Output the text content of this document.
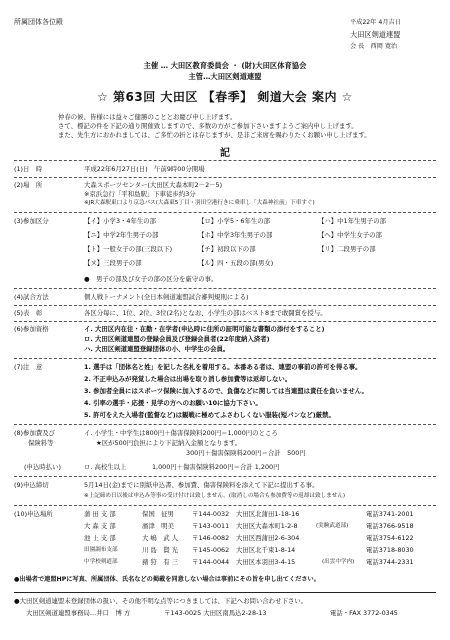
所属団体各位殿	平成22年 4月吉日
大田区剣道連盟
会 長　西岡 寛治
主催 … 大田区教育委員会 ・ (財)大田区体育協会
主管…大田区剣道連盟
☆ 第63回 大田区 【春季】 剣道大会 案内 ☆
仲春の候、皆様には益々ご健勝のこととお慶び申し上げます。
さて、標記の件を下記の通り開催致しますので、多数の方がご参加下さいますようご案内申し上げます。
また、先生方におかれましては、ご多忙の折とは存じますが、是非ご来席を賜わりたくお願い申し上げます。
記
(1)日　時	平成22年6月27日(日)　午前9時00分開場
(2)場　所	大森スポーツセンター(大田区大森本町2－2－5)
※京浜急行「平和島駅」下車徒歩約3分
※JR大森駅東口より京急バス(大森東5丁目・羽田空港行きに乗車し「大森神社前」下車すぐ)
(3)参加区分	【イ】小学3・4年生の部	【ロ】小学5・6年生の部	【ハ】中1年生男子の部
【ニ】中学2年生男子の部	【ホ】中学3年生男子の部	【へ】中学生女子の部
【ト】一般女子の部(三段以下)	【チ】初段以下の部	【リ】二段男子の部
【ヌ】三段男子の部	【ル】四・五段の部(男女)
●　男子の部及び女子の部の区分を厳守の事。
(4)試合方法	個人戦トーナメント(全日本剣道連盟試合審判規則による)
(5)表　彰	各区分毎に、1位、2位、3位(2名)となお、小学生の部はベスト8まで敢闘賞を授与。
(6)参加資格	イ. 大田区内在住・在勤・在学者(申込時に住所の証明可能な書類の添付をすること)
ロ. 大田区剣道連盟の登録会員及び登録会員者(22年度納入済者)
ハ. 大田区剣道連盟登録団体の小、中学生の会員。
(7)注　意	1. 選手は「団体名と姓」を記した名札を着用する。本番ある者は、連盟の事前の許可を得る事。
2. 不正申込みが発覚した場合は出場を取り消し参加費等は返却しない。
3. 参加者全員にはスポーツ保険に加入するので、負傷などに関しては当連盟は責任を負いません。
4. 引率の選手・応援・見学の方へのお願い10に協力下さい。
5. 許可をえた入場者(監督など)は観戦に極めてふさわしくない服装(短パンなど)厳禁。
(8)参加費及び
保険料等
イ. 小学生・中学生は800円＋傷害保険料200円＝1,000円のところ
★区が500円負担により下記納入金額となります。
300円＋傷害保険料200円＝合計　500円
(申込時払い)	ロ. 高校生以上　　　　1,000円＋傷害保険料200円＝合計 1,200円
(9)申込締切	5月14日(金)までに別紙申込書、参加費、傷害保険料を添えて下記に提出する事。
※上記締め日以後は申込み等事の受け付けは致しません。(取消しの場合も参加費等の返却は致しません)
(10)申込場所	蒲 田 支 部	保国　征男	〒144-0032 大田区北蒲田1-18-16	電話3741-2001
大 森 支 部	濱津　明美	〒143-0011 大田区大森本町1-2-8	(実験武道部)	電話3766-9518
池 上 支 部	大 嶋　武 人 〒146-0082 大田区西蒲田2-6-304	電話3754-6122
田園調布支部	川 島　賢 光 〒145-0062 大田区北千束1-8-14	電話3718-8030
中学校剣道部	豬 狩　有 三 〒144-0044 大田区本羽田3-4-15	(出雲中学内) 電話3744-2331
●出場者で連盟HPに写真、所属団体、氏名などの掲載を同意しない場合は事前にその旨を申し出てください。
●大田区剣道連盟未登録団体の扱い、その他不明な点等につきましては、下記へお問い合わせ下さい。
大田区剣道連盟事務局…井口　博 方	〒143-0025 大田区南馬込2-28-13	電話・FAX 3772-0345
